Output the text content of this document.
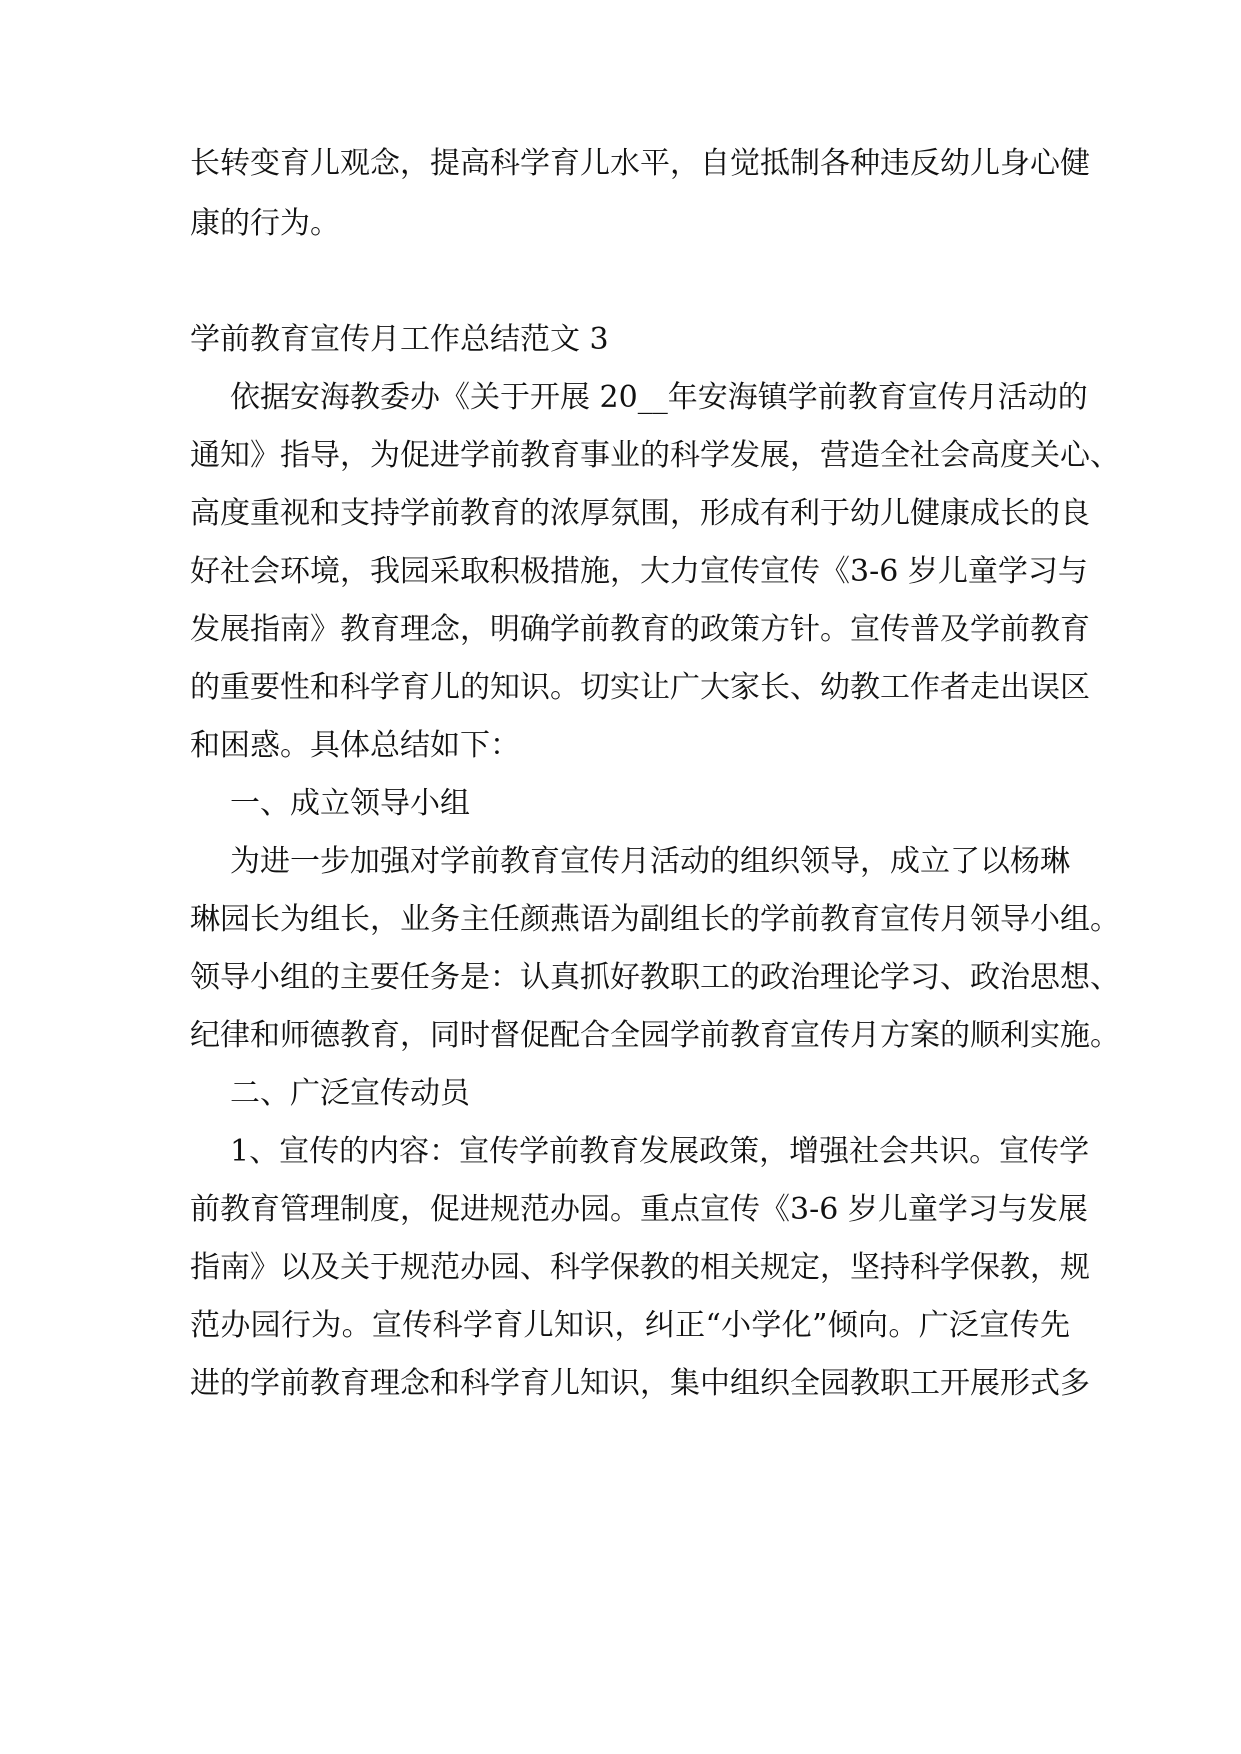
长转变育儿观念，提高科学育儿水平，自觉抵制各种违反幼儿身心健
康的行为。
学前教育宣传月工作总结范文 3
依据安海教委办《关于开展 20__年安海镇学前教育宣传月活动的
通知》指导，为促进学前教育事业的科学发展，营造全社会高度关心、
高度重视和支持学前教育的浓厚氛围，形成有利于幼儿健康成长的良
好社会环境，我园采取积极措施，大力宣传宣传《3-6 岁儿童学习与
发展指南》教育理念，明确学前教育的政策方针。宣传普及学前教育
的重要性和科学育儿的知识。切实让广大家长、幼教工作者走出误区
和困惑。具体总结如下：
一、成立领导小组
为进一步加强对学前教育宣传月活动的组织领导，成立了以杨琳
琳园长为组长，业务主任颜燕语为副组长的学前教育宣传月领导小组。
领导小组的主要任务是：认真抓好教职工的政治理论学习、政治思想、
纪律和师德教育，同时督促配合全园学前教育宣传月方案的顺利实施。
二、广泛宣传动员
1、宣传的内容：宣传学前教育发展政策，增强社会共识。宣传学
前教育管理制度，促进规范办园。重点宣传《3-6 岁儿童学习与发展
指南》以及关于规范办园、科学保教的相关规定，坚持科学保教，规
范办园行为。宣传科学育儿知识，纠正“小学化”倾向。广泛宣传先
进的学前教育理念和科学育儿知识，集中组织全园教职工开展形式多
